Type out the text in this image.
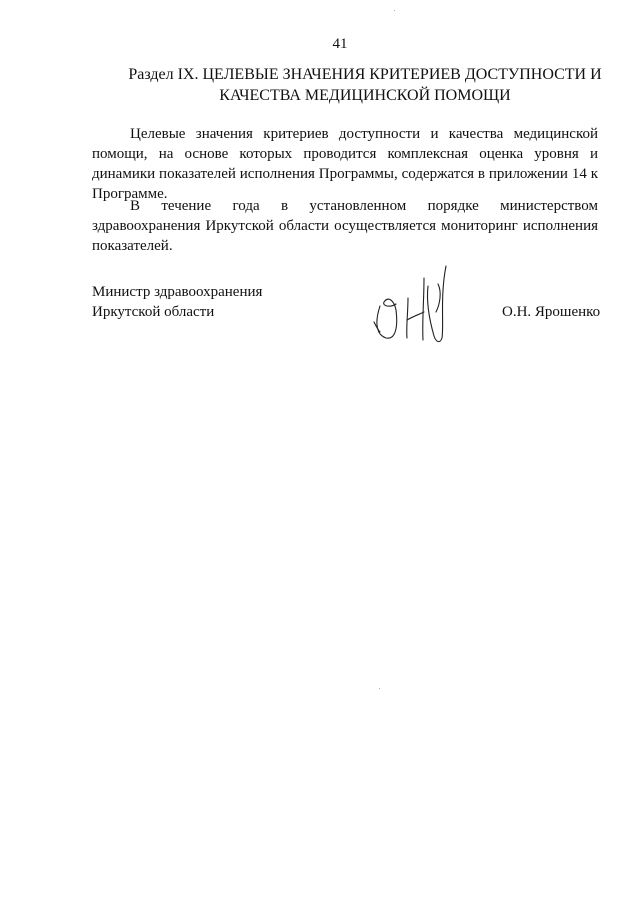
41
Раздел IX. ЦЕЛЕВЫЕ ЗНАЧЕНИЯ КРИТЕРИЕВ ДОСТУПНОСТИ И
КАЧЕСТВА МЕДИЦИНСКОЙ ПОМОЩИ

Целевые значения критериев доступности и качества медицинской помощи, на основе которых проводится комплексная оценка уровня и динамики показателей исполнения Программы, содержатся в приложении 14 к Программе.

В течение года в установленном порядке министерством здравоохранения Иркутской области осуществляется мониторинг исполнения показателей.

Министр здравоохранения
Иркутской области	О.Н. Ярошенко
